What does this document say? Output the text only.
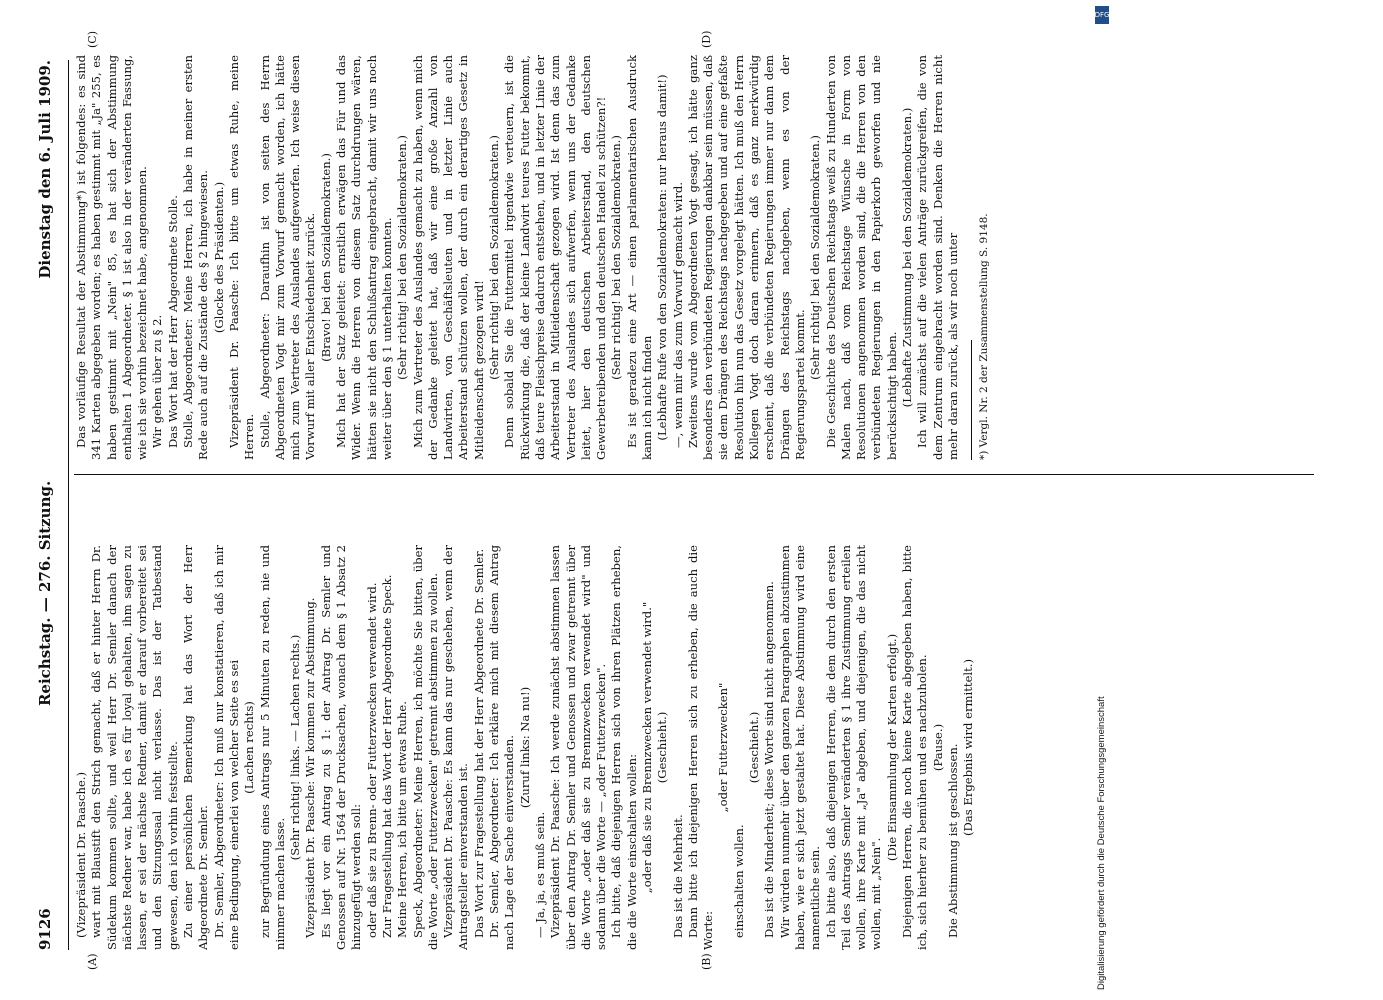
9126
Reichstag. — 276. Sitzung.
Dienstag den 6. Juli 1909.
(A)	(B)
(C)	(D)

(Vizepräsident Dr. Paasche.) wart mit Blaustift den Strich gemacht, daß er hinter Herrn Dr. Südekum kommen sollte, und weil Herr Dr. Semler danach der nächste Redner war, habe ich es für loyal gehalten, ihm sagen zu lassen, er sei der nächste Redner, damit er darauf vorbereitet sei und den Sitzungssaal nicht verlasse. Das ist der Tatbestand gewesen, den ich vorhin feststellte. Zu einer persönlichen Bemerkung hat das Wort der Herr Abgeordnete Dr. Semler. Dr. Semler, Abgeordneter: Ich muß nur konstatieren, daß ich mir eine Bedingung, einerlei von welcher Seite es sei (Lachen rechts) zur Begründung eines Antrags nur 5 Minuten zu reden, nie und nimmer machen lasse.

(Sehr richtig! links. — Lachen rechts.) Vizepräsident Dr. Paasche: Wir kommen zur Abstimmung. Es liegt vor ein Antrag zu § 1: der Antrag Dr. Semler und Genossen auf Nr. 1564 der Drucksachen, wonach dem § 1 Absatz 2 hinzugefügt werden soll: oder daß sie zu Brenn- oder Futterzwecken verwendet wird. Zur Fragestellung hat das Wort der Herr Abgeordnete Speck. Meine Herren, ich bitte um etwas Ruhe. Speck, Abgeordneter: Meine Herren, ich möchte Sie bitten, über die Worte „oder Futterzwecken" getrennt abstimmen zu wollen. Vizepräsident Dr. Paasche: Es kann das nur geschehen, wenn der Antragsteller einverstanden ist. Das Wort zur Fragestellung hat der Herr Abgeordnete Dr. Semler. Dr. Semler, Abgeordneter: Ich erkläre mich mit diesem Antrag nach Lage der Sache einverstanden. (Zuruf links: Na nu!)

— Ja, ja, es muß sein. Vizepräsident Dr. Paasche: Ich werde zunächst abstimmen lassen über den Antrag Dr. Semler und Genossen und zwar getrennt über die Worte „oder daß sie zu Brennzwecken verwendet wird" und sodann über die Worte — „oder Futterzwecken". Ich bitte, daß diejenigen Herren sich von ihren Plätzen erheben, die die Worte einschalten wollen: „oder daß sie zu Brennzwecken verwendet wird." (Geschieht.)

Das ist die Mehrheit. Dann bitte ich diejenigen Herren sich zu erheben, die auch die Worte:

„oder Futterzwecken"

einschalten wollen.

(Geschieht.) Das ist die Minderheit; diese Worte sind nicht angenommen. Wir würden nunmehr über den ganzen Paragraphen abzustimmen haben, wie er sich jetzt gestaltet hat. Diese Abstimmung wird eine namentliche sein. Ich bitte also, daß diejenigen Herren, die dem durch den ersten Teil des Antrags Semler veränderten § 1 ihre Zustimmung erteilen wollen, ihre Karte mit „Ja" abgeben, und diejenigen, die das nicht wollen, mit „Nein".

(Die Einsammlung der Karten erfolgt.) Diejenigen Herren, die noch keine Karte abgegeben haben, bitte ich, sich hierher zu bemühen und es nachzuholen. (Pause.) Die Abstimmung ist geschlossen. (Das Ergebnis wird ermittelt.)

Das vorläufige Resultat der Abstimmung*) ist folgendes: es sind 341 Karten abgegeben worden; es haben gestimmt mit „Ja" 255, es haben gestimmt mit „Nein" 85, es hat sich der Abstimmung enthalten 1 Abgeordneter. § 1 ist also in der veränderten Fassung, wie ich sie vorhin bezeichnet habe, angenommen. Wir gehen über zu § 2. Das Wort hat der Herr Abgeordnete Stolle. Stolle, Abgeordneter: Meine Herren, ich habe in meiner ersten Rede auch auf die Zustände des § 2 hingewiesen. (Glocke des Präsidenten.) Vizepräsident Dr. Paasche: Ich bitte um etwas Ruhe, meine Herren. Stolle, Abgeordneter: Daraufhin ist von seiten des Herrn Abgeordneten Vogt mir zum Vorwurf gemacht worden, ich hätte mich zum Vertreter des Auslandes aufgeworfen. Ich weise diesen Vorwurf mit aller Entschiedenheit zurück. (Bravo! bei den Sozialdemokraten.) Mich hat der Satz geleitet: ernstlich erwägen das Für und das Wider. Wenn die Herren von diesem Satz durchdrungen wären, hätten sie nicht den Schlußantrag eingebracht, damit wir uns noch weiter über den § 1 unterhalten konnten. (Sehr richtig! bei den Sozialdemokraten.) Mich zum Vertreter des Auslandes gemacht zu haben, wenn mich der Gedanke geleitet hat, daß wir eine große Anzahl von Landwirten, von Geschäftsleuten und in letzter Linie auch Arbeiterstand schützen wollen, der durch ein derartiges Gesetz in Mitleidenschaft gezogen wird! (Sehr richtig! bei den Sozialdemokraten.) Denn sobald Sie die Futtermittel irgendwie verteuern, ist die Rückwirkung die, daß der kleine Landwirt teures Futter bekommt, daß teure Fleischpreise dadurch entstehen, und in letzter Linie der Arbeiterstand in Mitleidenschaft gezogen wird. Ist denn das zum Vertreter des Auslandes sich aufwerfen, wenn uns der Gedanke leitet, hier den deutschen Arbeiterstand, den deutschen Gewerbetreibenden und den deutschen Handel zu schützen?! (Sehr richtig! bei den Sozialdemokraten.) Es ist geradezu eine Art — einen parlamentarischen Ausdruck kann ich nicht finden (Lebhafte Rufe von den Sozialdemokraten: nur heraus damit!) —, wenn mir das zum Vorwurf gemacht wird. Zweitens wurde vom Abgeordneten Vogt gesagt, ich hätte ganz besonders den verbündeten Regierungen dankbar sein müssen, daß sie dem Drängen des Reichstags nachgegeben und auf eine gefaßte Resolution hin nun das Gesetz vorgelegt hätten. Ich muß den Herrn Kollegen Vogt doch daran erinnern, daß es ganz merkwürdig erscheint, daß die verbündeten Regierungen immer nur dann dem Drängen des Reichstags nachgeben, wenn es von der Regierungspartei kommt.

(Sehr richtig! bei den Sozialdemokraten.) Die Geschichte des Deutschen Reichstags weiß zu Hunderten von Malen nach, daß vom Reichstage Wünsche in Form von Resolutionen angenommen worden sind, die die Herren von den verbündeten Regierungen in den Papierkorb geworfen und nie berücksichtigt haben. (Lebhafte Zustimmung bei den Sozialdemokraten.) Ich will zunächst auf die vielen Anträge zurückgreifen, die von dem Zentrum eingebracht worden sind. Denken die Herren nicht mehr daran zurück, als wir noch unter *) Vergl. Nr. 2 der Zusammenstellung S. 9148.

DFG
Digitalisierung gefördert durch die Deutsche Forschungsgemeinschaft
